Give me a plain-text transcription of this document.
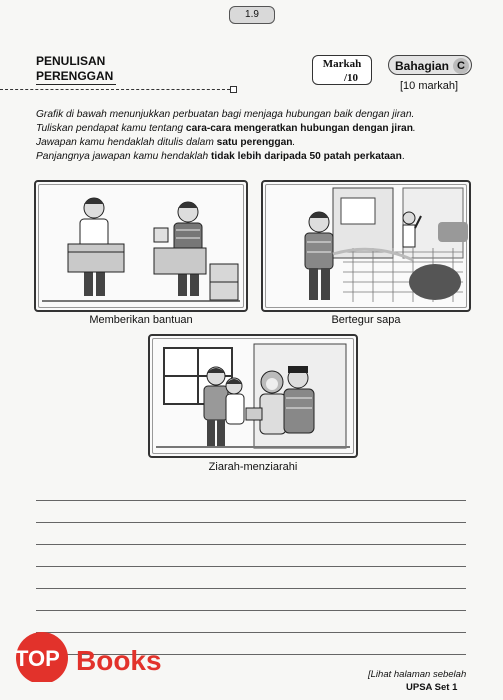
1.9
PENULISAN
PERENGGAN
Markah
/10
Bahagian C
[10 markah]

Grafik di bawah menunjukkan perbuatan bagi menjaga hubungan baik dengan jiran.

Tuliskan pendapat kamu tentang cara-cara mengeratkan hubungan dengan jiran.

Jawapan kamu hendaklah ditulis dalam satu perenggan.

Panjangnya jawapan kamu hendaklah tidak lebih daripada 50 patah perkataan.

Memberikan bantuan	Bertegur sapa
Ziarah-menziarahi
TOP Books	[Lihat halaman sebelah
UPSA Set 1
